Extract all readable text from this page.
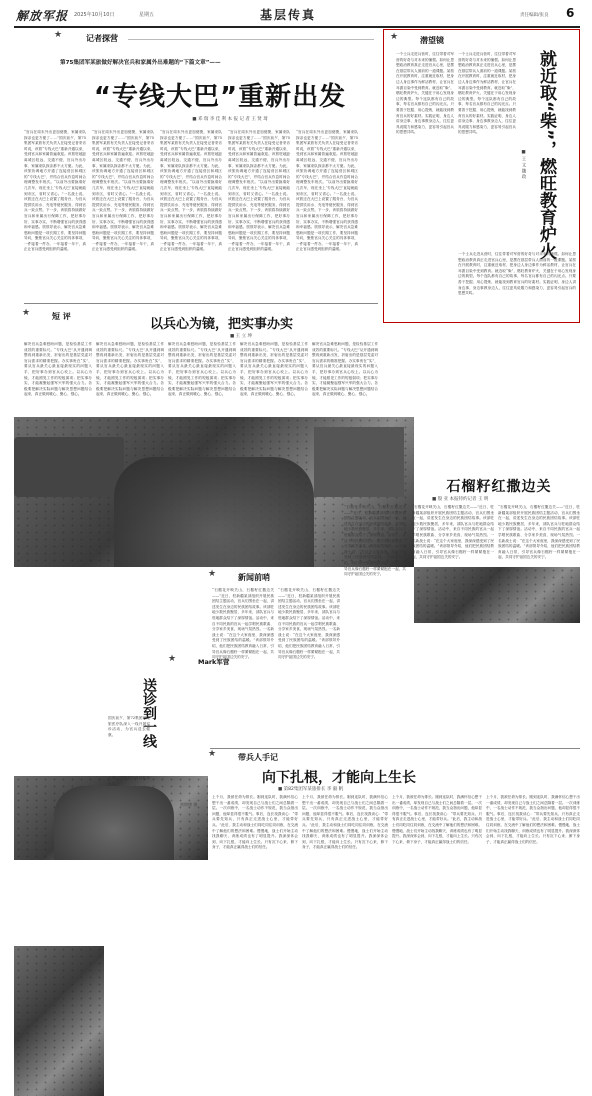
解放军报 2025年10月10日	星期五	基层传真	责任编辑/张良 6
★	记者探营
第75集团军某旅做好解决官兵和家属外出难题的“下篇文章”——
“专线大巴”重新出发
■ 邓 瑞 李 佳 利 本 报 记 者 王 贤 琦
“官兵在周末外出更加便捷，家属来队探亲也更方便了……”国庆前夕，第75集团军某旅有关负责人在接受记者采访时说，该旅“专线大巴”重新开通以来，受到官兵和家属普遍欢迎。该旅驻地距离城区较远，交通不便，官兵外出办事、家属来队探亲都不太方便。为此，该旅协调地方开通了连接营区和城区的“专线大巴”，并结合官兵作息时间合理调整发车班次。“以前外出要换乘好几次车，现在坐上‘专线大巴’直接就能到市区，省时又省心。”一名战士说。该旅还在大巴上设置了服务台，为官兵提供饮用水、充电等便民服务，得到官兵一致点赞。下一步，该旅将持续做好官兵和家属出行保障工作，把好事办好、实事办实，不断增强官兵的获得感和幸福感。旅领导表示，解决官兵急难愁盼问题是一项长期工作，要坚持问题导向，聚焦官兵关心关注的具体事项，一件接着一件办，一年接着一年干，真正让官兵感受到组织的温暖。
“官兵在周末外出更加便捷，家属来队探亲也更方便了……”国庆前夕，第75集团军某旅有关负责人在接受记者采访时说，该旅“专线大巴”重新开通以来，受到官兵和家属普遍欢迎。该旅驻地距离城区较远，交通不便，官兵外出办事、家属来队探亲都不太方便。为此，该旅协调地方开通了连接营区和城区的“专线大巴”，并结合官兵作息时间合理调整发车班次。“以前外出要换乘好几次车，现在坐上‘专线大巴’直接就能到市区，省时又省心。”一名战士说。该旅还在大巴上设置了服务台，为官兵提供饮用水、充电等便民服务，得到官兵一致点赞。下一步，该旅将持续做好官兵和家属出行保障工作，把好事办好、实事办实，不断增强官兵的获得感和幸福感。旅领导表示，解决官兵急难愁盼问题是一项长期工作，要坚持问题导向，聚焦官兵关心关注的具体事项，一件接着一件办，一年接着一年干，真正让官兵感受到组织的温暖。
“官兵在周末外出更加便捷，家属来队探亲也更方便了……”国庆前夕，第75集团军某旅有关负责人在接受记者采访时说，该旅“专线大巴”重新开通以来，受到官兵和家属普遍欢迎。该旅驻地距离城区较远，交通不便，官兵外出办事、家属来队探亲都不太方便。为此，该旅协调地方开通了连接营区和城区的“专线大巴”，并结合官兵作息时间合理调整发车班次。“以前外出要换乘好几次车，现在坐上‘专线大巴’直接就能到市区，省时又省心。”一名战士说。该旅还在大巴上设置了服务台，为官兵提供饮用水、充电等便民服务，得到官兵一致点赞。下一步，该旅将持续做好官兵和家属出行保障工作，把好事办好、实事办实，不断增强官兵的获得感和幸福感。旅领导表示，解决官兵急难愁盼问题是一项长期工作，要坚持问题导向，聚焦官兵关心关注的具体事项，一件接着一件办，一年接着一年干，真正让官兵感受到组织的温暖。
“官兵在周末外出更加便捷，家属来队探亲也更方便了……”国庆前夕，第75集团军某旅有关负责人在接受记者采访时说，该旅“专线大巴”重新开通以来，受到官兵和家属普遍欢迎。该旅驻地距离城区较远，交通不便，官兵外出办事、家属来队探亲都不太方便。为此，该旅协调地方开通了连接营区和城区的“专线大巴”，并结合官兵作息时间合理调整发车班次。“以前外出要换乘好几次车，现在坐上‘专线大巴’直接就能到市区，省时又省心。”一名战士说。该旅还在大巴上设置了服务台，为官兵提供饮用水、充电等便民服务，得到官兵一致点赞。下一步，该旅将持续做好官兵和家属出行保障工作，把好事办好、实事办实，不断增强官兵的获得感和幸福感。旅领导表示，解决官兵急难愁盼问题是一项长期工作，要坚持问题导向，聚焦官兵关心关注的具体事项，一件接着一件办，一年接着一年干，真正让官兵感受到组织的温暖。
“官兵在周末外出更加便捷，家属来队探亲也更方便了……”国庆前夕，第75集团军某旅有关负责人在接受记者采访时说，该旅“专线大巴”重新开通以来，受到官兵和家属普遍欢迎。该旅驻地距离城区较远，交通不便，官兵外出办事、家属来队探亲都不太方便。为此，该旅协调地方开通了连接营区和城区的“专线大巴”，并结合官兵作息时间合理调整发车班次。“以前外出要换乘好几次车，现在坐上‘专线大巴’直接就能到市区，省时又省心。”一名战士说。该旅还在大巴上设置了服务台，为官兵提供饮用水、充电等便民服务，得到官兵一致点赞。下一步，该旅将持续做好官兵和家属出行保障工作，把好事办好、实事办实，不断增强官兵的获得感和幸福感。旅领导表示，解决官兵急难愁盼问题是一项长期工作，要坚持问题导向，聚焦官兵关心关注的具体事项，一件接着一件办，一年接着一年干，真正让官兵感受到组织的温暖。
★	潜望镜
就近取“柴”，燃旺教育炉火
■ 王 文 魏 政
一个士兵走进兵营时，往往带着对军营的好奇与对未来的憧憬。如何让思想政治教育真正走进官兵心里，是摆在基层带兵人面前的一道课题。某旅在开展教育时，注重就近取材，把身边人身边事作为鲜活教材，让官兵在耳濡目染中受到教育。就近取“柴”，燃旺教育炉火，关键在于用心发现身边的典型。每个连队都有自己的故事，每名官兵都有自己的闪光点。只要善于挖掘、用心提炼，就能找到教育官兵的好素材。实践证明，身边人讲身边事、身边事教身边人，往往更具说服力和感染力，更容易引起官兵的思想共鸣。
一个士兵走进兵营时，往往带着对军营的好奇与对未来的憧憬。如何让思想政治教育真正走进官兵心里，是摆在基层带兵人面前的一道课题。某旅在开展教育时，注重就近取材，把身边人身边事作为鲜活教材，让官兵在耳濡目染中受到教育。就近取“柴”，燃旺教育炉火，关键在于用心发现身边的典型。每个连队都有自己的故事，每名官兵都有自己的闪光点。只要善于挖掘、用心提炼，就能找到教育官兵的好素材。实践证明，身边人讲身边事、身边事教身边人，往往更具说服力和感染力，更容易引起官兵的思想共鸣。
一个士兵走进兵营时，往往带着对军营的好奇与对未来的憧憬。如何让思想政治教育真正走进官兵心里，是摆在基层带兵人面前的一道课题。某旅在开展教育时，注重就近取材，把身边人身边事作为鲜活教材，让官兵在耳濡目染中受到教育。就近取“柴”，燃旺教育炉火，关键在于用心发现身边的典型。每个连队都有自己的故事，每名官兵都有自己的闪光点。只要善于挖掘、用心提炼，就能找到教育官兵的好素材。实践证明，身边人讲身边事、身边事教身边人，往往更具说服力和感染力，更容易引起官兵的思想共鸣。
★	短 评
以兵心为镜，把实事办实
■ 王 立 坤
解决官兵急难愁盼问题，是检验基层工作成效的重要标尺。“专线大巴”从开通到调整再到重新出发，折射出的是基层党委对官兵需求的精准把握。办实事贵在“实”，要从官兵最关心最直接最现实的问题入手，把好事办到官兵心坎上。以兵心为镜，才能照见工作的短板弱项；把实事办实，才能凝聚起强军兴军的强大合力。各级要把解决实际问题与解决思想问题结合起来，真正做到暖心、聚心、强心。
解决官兵急难愁盼问题，是检验基层工作成效的重要标尺。“专线大巴”从开通到调整再到重新出发，折射出的是基层党委对官兵需求的精准把握。办实事贵在“实”，要从官兵最关心最直接最现实的问题入手，把好事办到官兵心坎上。以兵心为镜，才能照见工作的短板弱项；把实事办实，才能凝聚起强军兴军的强大合力。各级要把解决实际问题与解决思想问题结合起来，真正做到暖心、聚心、强心。
解决官兵急难愁盼问题，是检验基层工作成效的重要标尺。“专线大巴”从开通到调整再到重新出发，折射出的是基层党委对官兵需求的精准把握。办实事贵在“实”，要从官兵最关心最直接最现实的问题入手，把好事办到官兵心坎上。以兵心为镜，才能照见工作的短板弱项；把实事办实，才能凝聚起强军兴军的强大合力。各级要把解决实际问题与解决思想问题结合起来，真正做到暖心、聚心、强心。
解决官兵急难愁盼问题，是检验基层工作成效的重要标尺。“专线大巴”从开通到调整再到重新出发，折射出的是基层党委对官兵需求的精准把握。办实事贵在“实”，要从官兵最关心最直接最现实的问题入手，把好事办到官兵心坎上。以兵心为镜，才能照见工作的短板弱项；把实事办实，才能凝聚起强军兴军的强大合力。各级要把解决实际问题与解决思想问题结合起来，真正做到暖心、聚心、强心。
解决官兵急难愁盼问题，是检验基层工作成效的重要标尺。“专线大巴”从开通到调整再到重新出发，折射出的是基层党委对官兵需求的精准把握。办实事贵在“实”，要从官兵最关心最直接最现实的问题入手，把好事办到官兵心坎上。以兵心为镜，才能照见工作的短板弱项；把实事办实，才能凝聚起强军兴军的强大合力。各级要把解决实际问题与解决思想问题结合起来，真正做到暖心、聚心、强心。
石榴籽红撒边关
■ 殷 亚 本报特约记者 王 明
★	新闻前哨
“石榴花开映关山，石榴籽红撒边关——”近日，驻新疆某部组织开展民族团结主题活动，官兵们围坐在一起，讲述发生在身边的民族团结故事。该部驻地少数民族聚居，多年来，部队官兵与驻地群众结下了深厚情谊。活动中，来自不同民族的官兵一起学唱民族歌曲、分享家乡美食，现场气氛热烈。一名新战士说：“在这个大家庭里，我深深感受到了民族团结的温暖。”该部领导介绍，他们把民族团结教育融入日常，引导官兵像石榴籽一样紧紧抱在一起，共同守护祖国边关的安宁。
“石榴花开映关山，石榴籽红撒边关——”近日，驻新疆某部组织开展民族团结主题活动，官兵们围坐在一起，讲述发生在身边的民族团结故事。该部驻地少数民族聚居，多年来，部队官兵与驻地群众结下了深厚情谊。活动中，来自不同民族的官兵一起学唱民族歌曲、分享家乡美食，现场气氛热烈。一名新战士说：“在这个大家庭里，我深深感受到了民族团结的温暖。”该部领导介绍，他们把民族团结教育融入日常，引导官兵像石榴籽一样紧紧抱在一起，共同守护祖国边关的安宁。
“石榴花开映关山，石榴籽红撒边关——”近日，驻新疆某部组织开展民族团结主题活动，官兵们围坐在一起，讲述发生在身边的民族团结故事。该部驻地少数民族聚居，多年来，部队官兵与驻地群众结下了深厚情谊。活动中，来自不同民族的官兵一起学唱民族歌曲、分享家乡美食，现场气氛热烈。一名新战士说：“在这个大家庭里，我深深感受到了民族团结的温暖。”该部领导介绍，他们把民族团结教育融入日常，引导官兵像石榴籽一样紧紧抱在一起，共同守护祖国边关的安宁。
“石榴花开映关山，石榴籽红撒边关——”近日，驻新疆某部组织开展民族团结主题活动，官兵们围坐在一起，讲述发生在身边的民族团结故事。该部驻地少数民族聚居，多年来，部队官兵与驻地群众结下了深厚情谊。活动中，来自不同民族的官兵一起学唱民族歌曲、分享家乡美食，现场气氛热烈。一名新战士说：“在这个大家庭里，我深深感受到了民族团结的温暖。”该部领导介绍，他们把民族团结教育融入日常，引导官兵像石榴籽一样紧紧抱在一起，共同守护祖国边关的安宁。
“石榴花开映关山，石榴籽红撒边关——”近日，驻新疆某部组织开展民族团结主题活动，官兵们围坐在一起，讲述发生在身边的民族团结故事。该部驻地少数民族聚居，多年来，部队官兵与驻地群众结下了深厚情谊。活动中，来自不同民族的官兵一起学唱民族歌曲、分享家乡美食，现场气氛热烈。一名新战士说：“在这个大家庭里，我深深感受到了民族团结的温暖。”该部领导介绍，他们把民族团结教育融入日常，引导官兵像石榴籽一样紧紧抱在一起，共同守护祖国边关的安宁。
★	Mark军营
送诊到一线
国庆前夕，第72集团军某旅医疗队深入一线开展巡诊活动，为官兵送去健康。
上图：卫生员为官兵检查身体。
黄锦博 摄
★	带兵人手记
向下扎根，才能向上生长
■ 第82集团军某旅排长 李 毅 帆
上个月，我被任命为排长。刚到连队时，我满怀信心想干出一番成绩，却发现自己与战士们之间总隔着一层。一次训练中，一名战士动作不规范，我当众指出问题，他却显得很不服气。事后，连长找我谈心：“带兵要先知兵，只有真正走进战士心里，才能带好兵。”此后，我主动和战士们同吃同住同训练，在交流中了解他们的想法和困难。慢慢地，战士们开始主动找我聊天，训练成绩也有了明显提升。我深深体会到，向下扎根，才能向上生长。只有沉下心来、俯下身子，才能真正赢得战士们的信任。
上个月，我被任命为排长。刚到连队时，我满怀信心想干出一番成绩，却发现自己与战士们之间总隔着一层。一次训练中，一名战士动作不规范，我当众指出问题，他却显得很不服气。事后，连长找我谈心：“带兵要先知兵，只有真正走进战士心里，才能带好兵。”此后，我主动和战士们同吃同住同训练，在交流中了解他们的想法和困难。慢慢地，战士们开始主动找我聊天，训练成绩也有了明显提升。我深深体会到，向下扎根，才能向上生长。只有沉下心来、俯下身子，才能真正赢得战士们的信任。
上个月，我被任命为排长。刚到连队时，我满怀信心想干出一番成绩，却发现自己与战士们之间总隔着一层。一次训练中，一名战士动作不规范，我当众指出问题，他却显得很不服气。事后，连长找我谈心：“带兵要先知兵，只有真正走进战士心里，才能带好兵。”此后，我主动和战士们同吃同住同训练，在交流中了解他们的想法和困难。慢慢地，战士们开始主动找我聊天，训练成绩也有了明显提升。我深深体会到，向下扎根，才能向上生长。只有沉下心来、俯下身子，才能真正赢得战士们的信任。
上个月，我被任命为排长。刚到连队时，我满怀信心想干出一番成绩，却发现自己与战士们之间总隔着一层。一次训练中，一名战士动作不规范，我当众指出问题，他却显得很不服气。事后，连长找我谈心：“带兵要先知兵，只有真正走进战士心里，才能带好兵。”此后，我主动和战士们同吃同住同训练，在交流中了解他们的想法和困难。慢慢地，战士们开始主动找我聊天，训练成绩也有了明显提升。我深深体会到，向下扎根，才能向上生长。只有沉下心来、俯下身子，才能真正赢得战士们的信任。
